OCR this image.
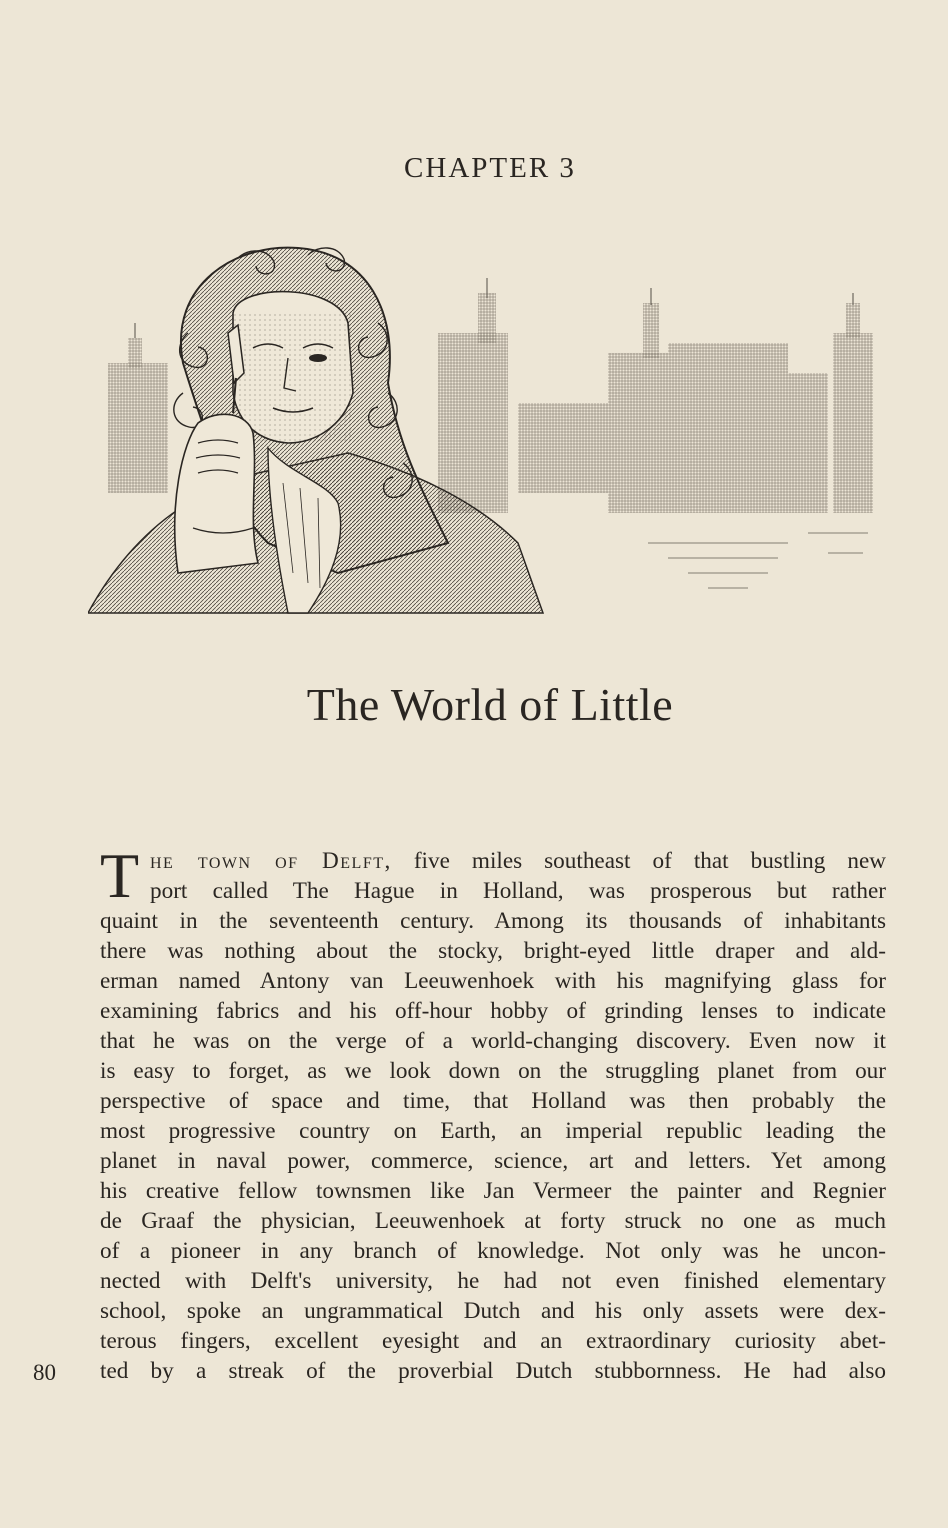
CHAPTER 3
The World of Little
T he town of Delft, five miles southeast of that bustling new
port called The Hague in Holland, was prosperous but rather
quaint in the seventeenth century. Among its thousands of inhabitants
there was nothing about the stocky, bright-eyed little draper and ald-
erman named Antony van Leeuwenhoek with his magnifying glass for
examining fabrics and his off-hour hobby of grinding lenses to indicate
that he was on the verge of a world-changing discovery. Even now it
is easy to forget, as we look down on the struggling planet from our
perspective of space and time, that Holland was then probably the
most progressive country on Earth, an imperial republic leading the
planet in naval power, commerce, science, art and letters. Yet among
his creative fellow townsmen like Jan Vermeer the painter and Regnier
de Graaf the physician, Leeuwenhoek at forty struck no one as much
of a pioneer in any branch of knowledge. Not only was he uncon-
nected with Delft's university, he had not even finished elementary
school, spoke an ungrammatical Dutch and his only assets were dex-
terous fingers, excellent eyesight and an extraordinary curiosity abet-
ted by a streak of the proverbial Dutch stubbornness. He had also
80
